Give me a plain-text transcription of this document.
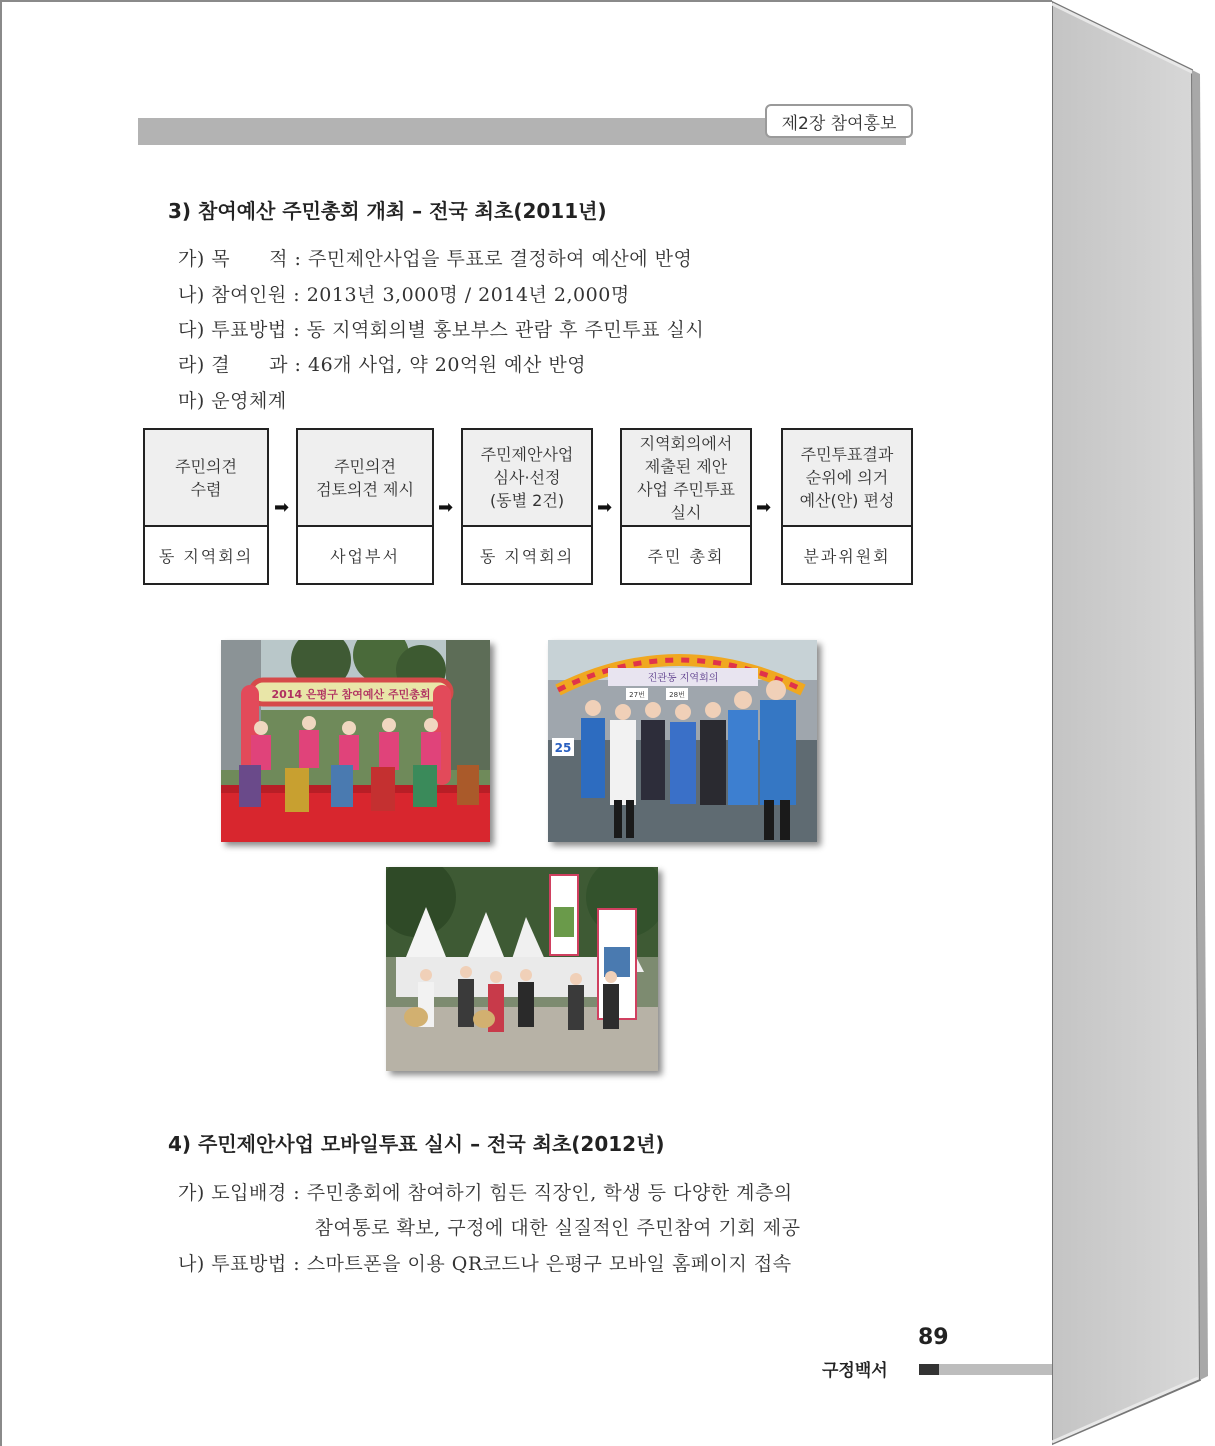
제2장 참여홍보
3) 참여예산 주민총회 개최 – 전국 최초(2011년)
가) 목　　적 : 주민제안사업을 투표로 결정하여 예산에 반영
나) 참여인원 : 2013년 3,000명 / 2014년 2,000명
다) 투표방법 : 동 지역회의별 홍보부스 관람 후 주민투표 실시
라) 결　　과 : 46개 사업, 약 20억원 예산 반영
마) 운영체계
주민의견
수렴
동 지역회의
➡
주민의견
검토의견 제시
사업부서
➡
주민제안사업
심사·선정
(동별 2건)
동 지역회의
➡
지역회의에서
제출된 제안
사업 주민투표
실시
주민 총회
➡
주민투표결과
순위에 의거
예산(안) 편성
분과위원회
2014 은평구 참여예산 주민총회
진관동 지역회의
27번	28번
25
4) 주민제안사업 모바일투표 실시 – 전국 최초(2012년)
가) 도입배경 : 주민총회에 참여하기 힘든 직장인, 학생 등 다양한 계층의
　　　　　　　참여통로 확보, 구정에 대한 실질적인 주민참여 기회 제공
나) 투표방법 : 스마트폰을 이용 QR코드나 은평구 모바일 홈페이지 접속
89
구정백서
